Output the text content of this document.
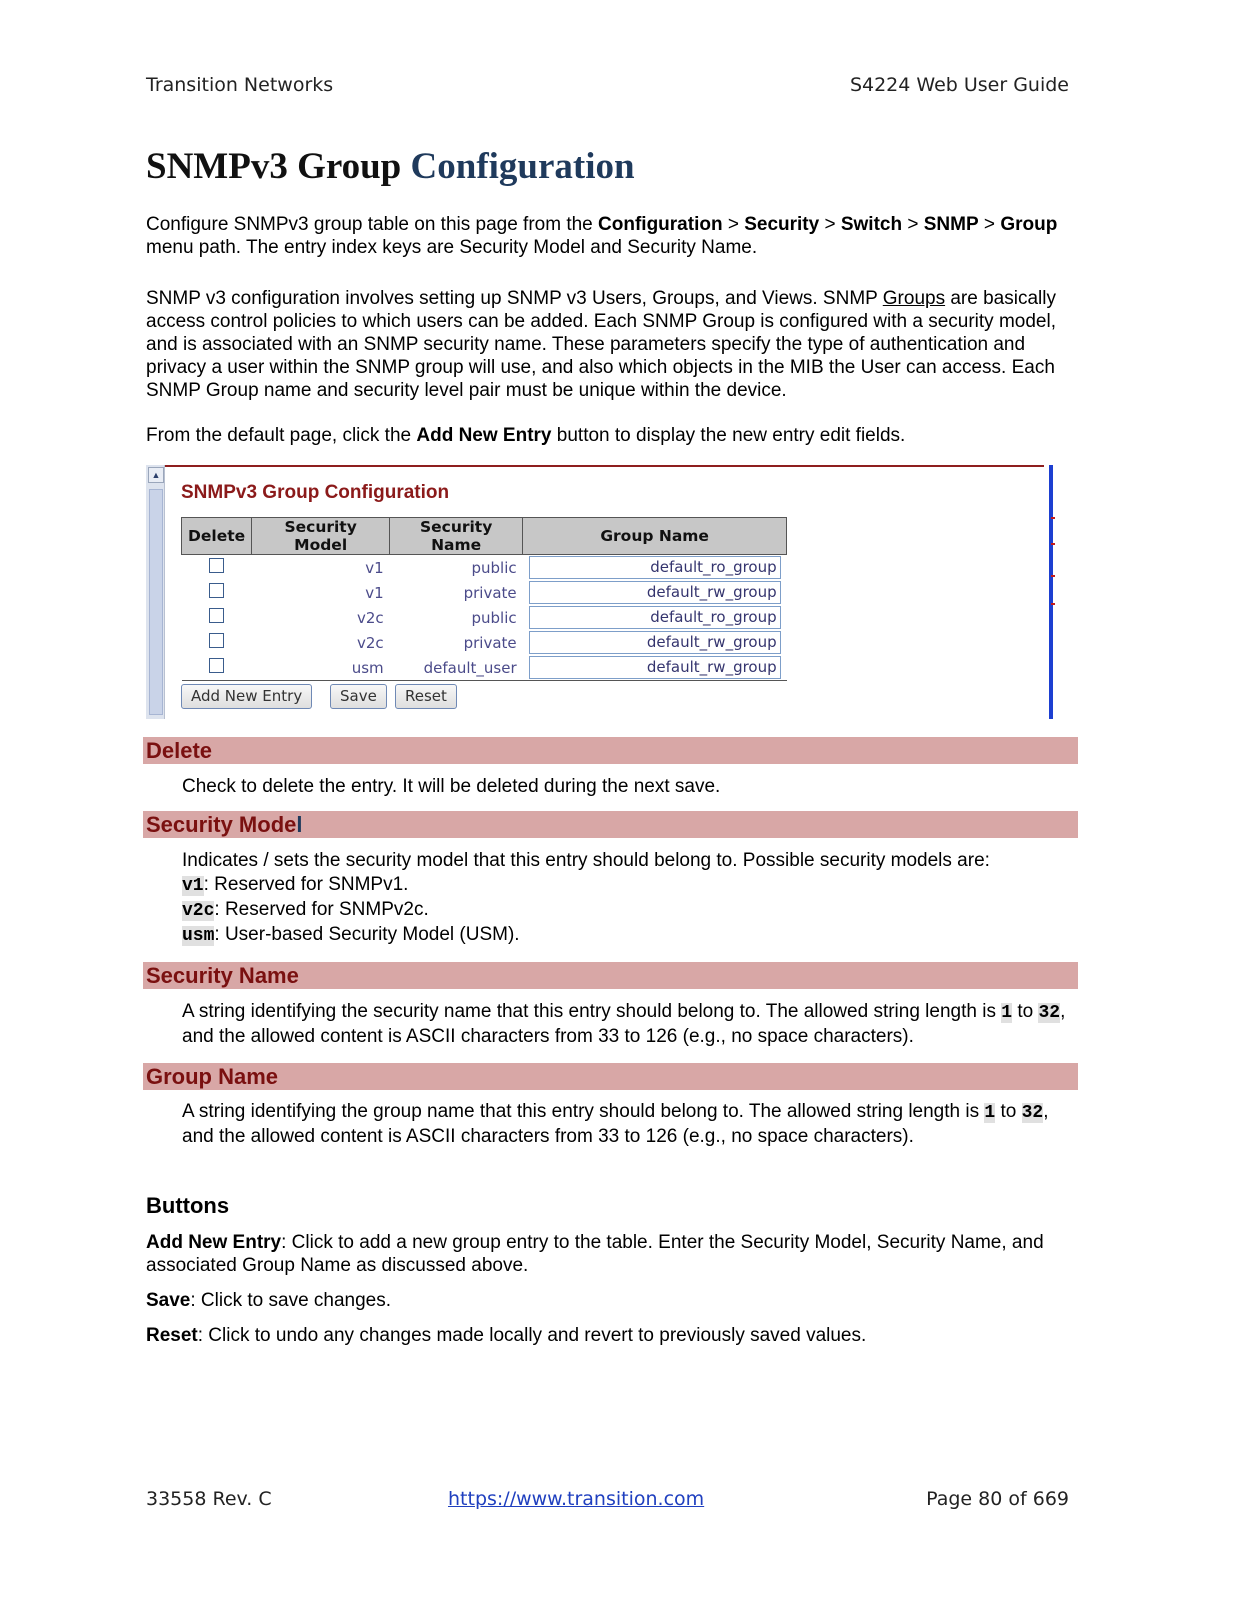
Transition Networks	S4224 Web User Guide
SNMPv3 Group Configuration
Configure SNMPv3 group table on this page from the Configuration > Security > Switch > SNMP > Group menu path. The entry index keys are Security Model and Security Name.
SNMP v3 configuration involves setting up SNMP v3 Users, Groups, and Views. SNMP Groups are basically access control policies to which users can be added. Each SNMP Group is configured with a security model, and is associated with an SNMP security name. These parameters specify the type of authentication and privacy a user within the SNMP group will use, and also which objects in the MIB the User can access. Each SNMP Group name and security level pair must be unique within the device.
From the default page, click the Add New Entry button to display the new entry edit fields.
▲
SNMPv3 Group Configuration
Delete	Security Model	Security Name	Group Name
	v1	public	default_ro_group

	v1	private	default_rw_group

	v2c	public	default_ro_group

	v2c	private	default_rw_group

	usm	default_user	default_rw_group
Add New Entry	Save	Reset
Delete
Check to delete the entry. It will be deleted during the next save.
Security Model
Indicates / sets the security model that this entry should belong to. Possible security models are:
v1: Reserved for SNMPv1.
v2c: Reserved for SNMPv2c.
usm: User-based Security Model (USM).
Security Name
A string identifying the security name that this entry should belong to. The allowed string length is 1 to 32, and the allowed content is ASCII characters from 33 to 126 (e.g., no space characters).
Group Name
A string identifying the group name that this entry should belong to. The allowed string length is 1 to 32, and the allowed content is ASCII characters from 33 to 126 (e.g., no space characters).
Buttons
Add New Entry: Click to add a new group entry to the table. Enter the Security Model, Security Name, and associated Group Name as discussed above.
Save: Click to save changes.
Reset: Click to undo any changes made locally and revert to previously saved values.
33558 Rev. C	https://www.transition.com	Page 80 of 669
